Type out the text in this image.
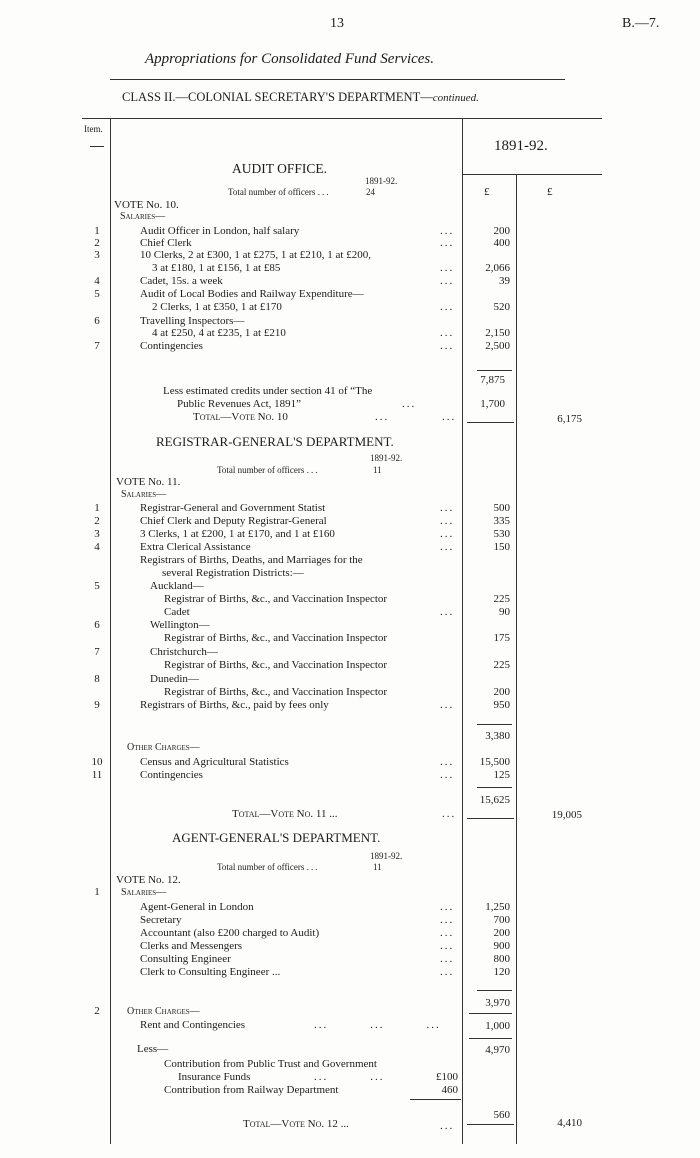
13	B.—7.
Appropriations for Consolidated Fund Services.
CLASS II.—COLONIAL SECRETARY'S DEPARTMENT—continued.
Item.
1891-92.
AUDIT OFFICE.
1891-92.
Total number of officers ...	24	£	£
VOTE No. 10.
Salaries—
1	Audit Officer in London, half salary	...	200
2	Chief Clerk	...	400
3	10 Clerks, 2 at £300, 1 at £275, 1 at £210, 1 at £200,
3 at £180, 1 at £156, 1 at £85	...	2,066
4	Cadet, 15s. a week	...	39
5	Audit of Local Bodies and Railway Expenditure—
2 Clerks, 1 at £350, 1 at £170	...	520
6	Travelling Inspectors—
4 at £250, 4 at £235, 1 at £210	...	2,150
7	Contingencies	...	2,500
7,875
Less estimated credits under section 41 of “The
Public Revenues Act, 1891”	...	1,700
Total—Vote No. 10	...	...	6,175
REGISTRAR-GENERAL'S DEPARTMENT.
1891-92.
Total number of officers ...	11
VOTE No. 11.
Salaries—
1	Registrar-General and Government Statist	...	500
2	Chief Clerk and Deputy Registrar-General	...	335
3	3 Clerks, 1 at £200, 1 at £170, and 1 at £160	...	530
4	Extra Clerical Assistance	...	150
Registrars of Births, Deaths, and Marriages for the
several Registration Districts:—
5	Auckland—
Registrar of Births, &c., and Vaccination Inspector	225
Cadet	...	90
6	Wellington—
Registrar of Births, &c., and Vaccination Inspector	175
7	Christchurch—
Registrar of Births, &c., and Vaccination Inspector	225
8	Dunedin—
Registrar of Births, &c., and Vaccination Inspector	200
9	Registrars of Births, &c., paid by fees only	...	950
3,380
Other Charges—
10	Census and Agricultural Statistics	...	15,500
11	Contingencies	...	125
15,625
Total—Vote No. 11 ...	...	19,005
AGENT-GENERAL'S DEPARTMENT.
1891-92.
Total number of officers ...	11
VOTE No. 12.
1	Salaries—
Agent-General in London	...	1,250
Secretary	...	700
Accountant (also £200 charged to Audit)	...	200
Clerks and Messengers	...	900
Consulting Engineer	...	800
Clerk to Consulting Engineer ...	...	120
3,970
2	Other Charges—
Rent and Contingencies	...	...	...	1,000
4,970
Less—
Contribution from Public Trust and Government
Insurance Funds	...	...	£100
Contribution from Railway Department	460
560
Total—Vote No. 12 ...	...	4,410
